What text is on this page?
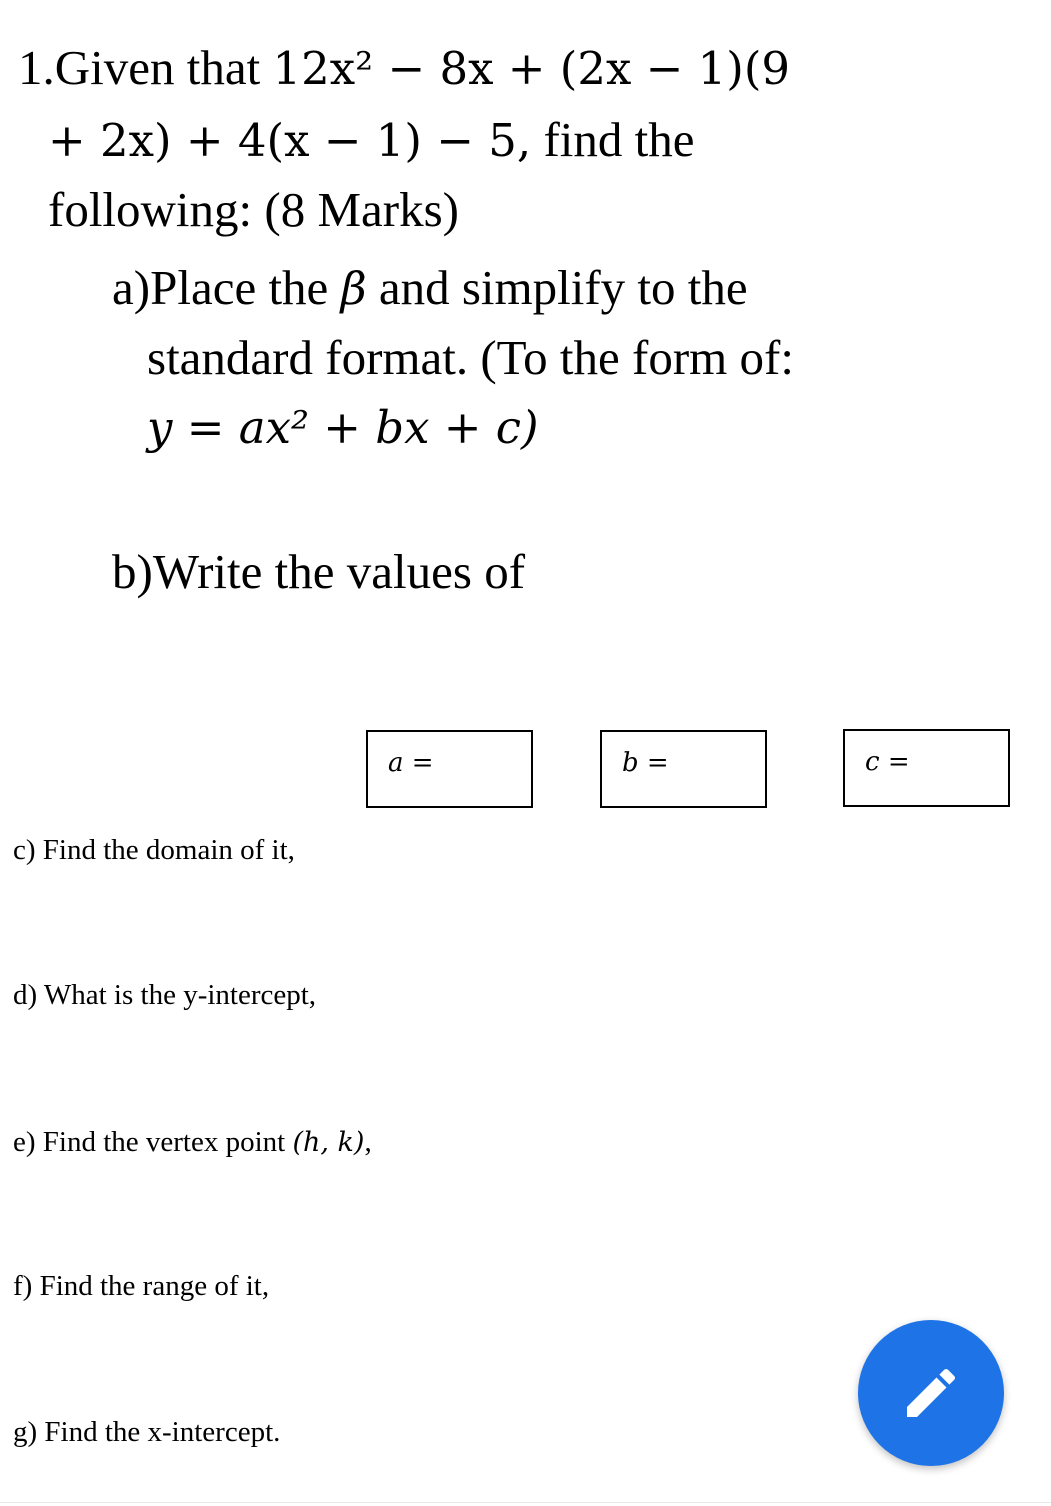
1.Given that 12x² − 8x + (2x − 1)(9
+ 2x) + 4(x − 1) − 5, find the
following: (8 Marks)
a)Place the β and simplify to the
standard format. (To the form of:
y = ax² + bx + c)
b)Write the values of
a =	b =	c =
c) Find the domain of it,
d) What is the y-intercept,
e) Find the vertex point (h, k),
f) Find the range of it,
g) Find the x-intercept.
